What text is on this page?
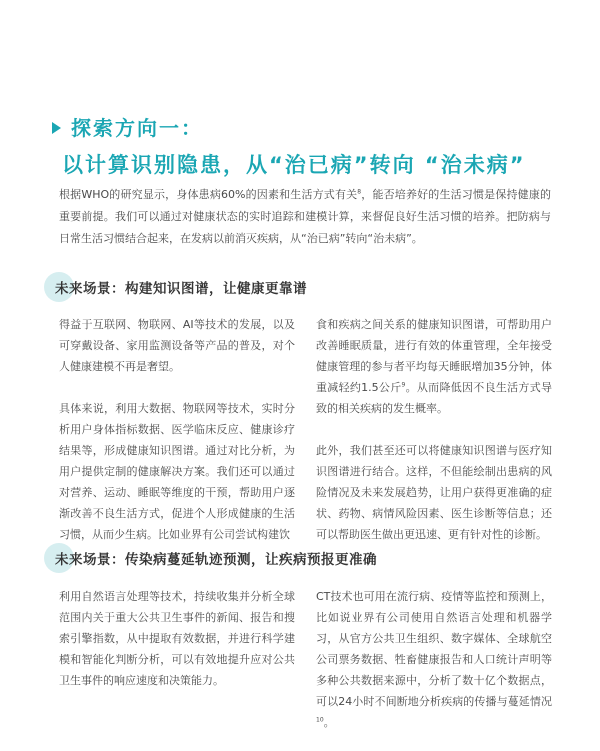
探索方向一：
以计算识别隐患，从“治已病”转向 “治未病”

根据WHO的研究显示，身体患病60%的因素和生活方式有关$^8$，能否培养好的生活习惯是保持健康的重要前提。我们可以通过对健康状态的实时追踪和建模计算，来督促良好生活习惯的培养。把防病与日常生活习惯结合起来，在发病以前消灭疾病，从“治已病”转向“治未病”。

未来场景：构建知识图谱，让健康更靠谱

得益于互联网、物联网、AI等技术的发展，以及可穿戴设备、家用监测设备等产品的普及，对个人健康建模不再是奢望。

具体来说，利用大数据、物联网等技术，实时分析用户身体指标数据、医学临床反应、健康诊疗结果等，形成健康知识图谱。通过对比分析，为用户提供定制的健康解决方案。我们还可以通过对营养、运动、睡眠等维度的干预，帮助用户逐渐改善不良生活方式，促进个人形成健康的生活习惯，从而少生病。比如业界有公司尝试构建饮

食和疾病之间关系的健康知识图谱，可帮助用户改善睡眠质量，进行有效的体重管理，全年接受健康管理的参与者平均每天睡眠增加35分钟，体重减轻约1.5公斤$^9$。从而降低因不良生活方式导致的相关疾病的发生概率。

此外，我们甚至还可以将健康知识图谱与医疗知识图谱进行结合。这样，不但能绘制出患病的风险情况及未来发展趋势，让用户获得更准确的症状、药物、病情风险因素、医生诊断等信息；还可以帮助医生做出更迅速、更有针对性的诊断。

未来场景：传染病蔓延轨迹预测，让疾病预报更准确

利用自然语言处理等技术，持续收集并分析全球范围内关于重大公共卫生事件的新闻、报告和搜索引擎指数，从中提取有效数据，并进行科学建模和智能化判断分析，可以有效地提升应对公共卫生事件的响应速度和决策能力。

CT技术也可用在流行病、疫情等监控和预测上，比如说业界有公司使用自然语言处理和机器学习，从官方公共卫生组织、数字媒体、全球航空公司票务数据、牲畜健康报告和人口统计声明等多种公共数据来源中，分析了数十亿个数据点，可以24小时不间断地分析疾病的传播与蔓延情况$^{10}$。
